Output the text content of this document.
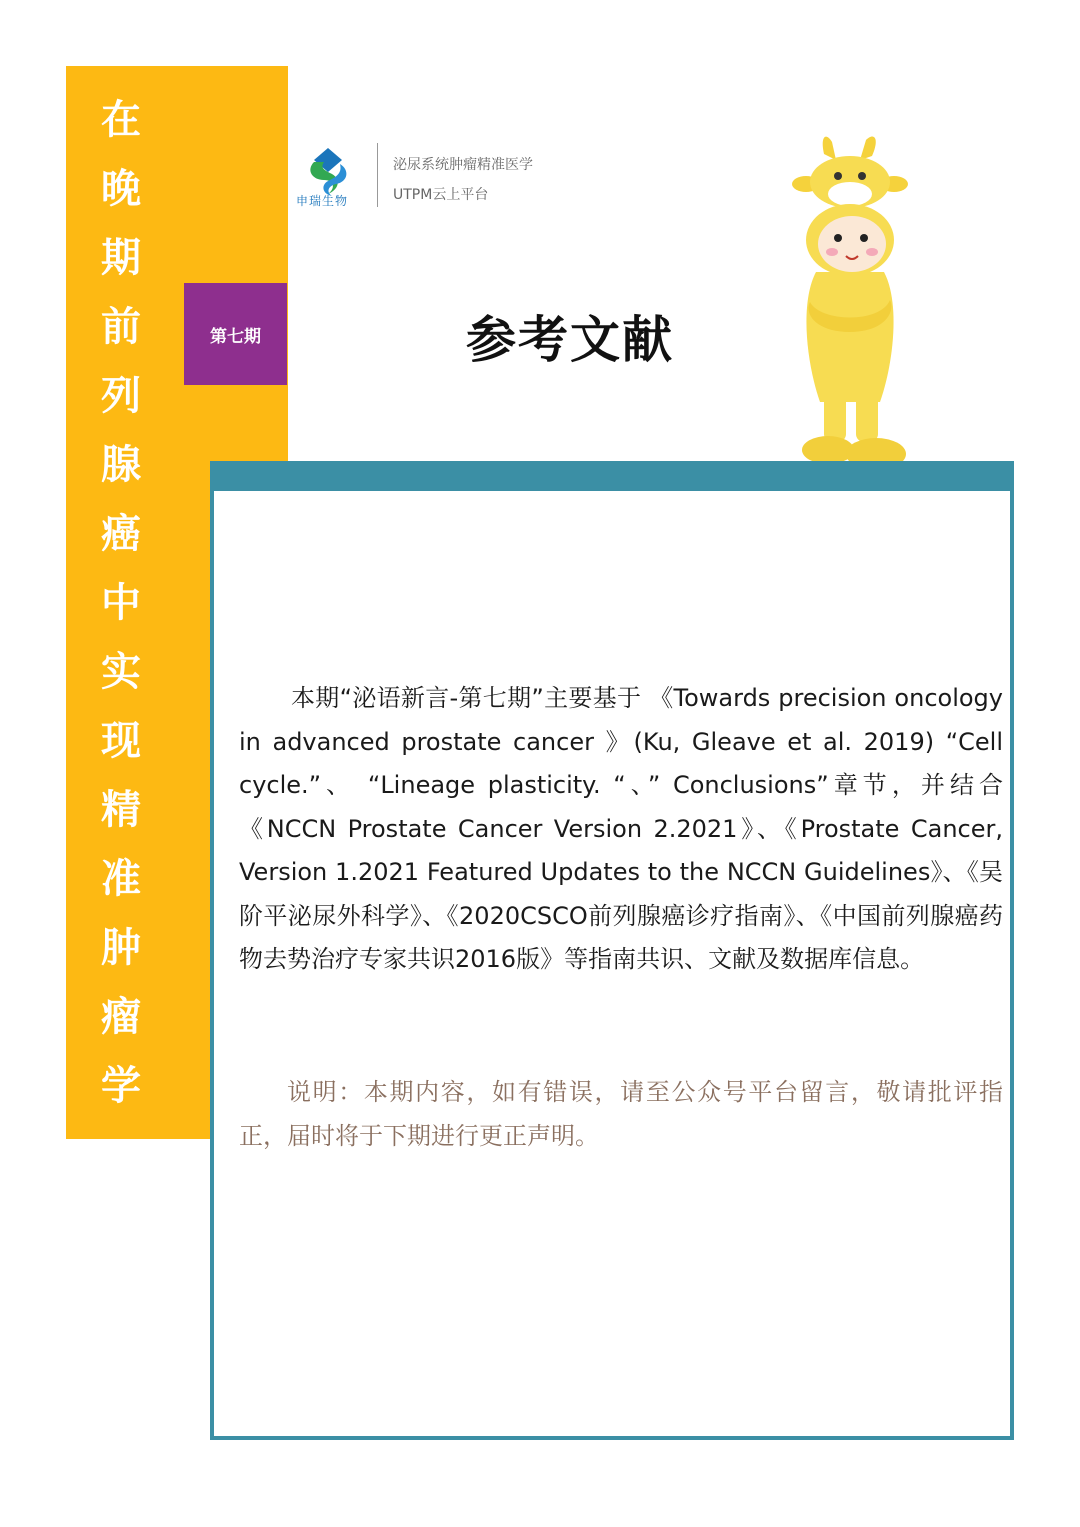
在
晚
期
前
列
腺
癌
中
实
现
精
准
肿
瘤
学
第七期
申瑞生物
泌尿系统肿瘤精准医学
UTPM云上平台
参考文献

本期“泌语新言-第七期”主要基于 《Towards precision oncology in advanced prostate cancer 》(Ku, Gleave et al. 2019) “Cell cycle.”、 “Lineage plasticity. “、” Conclusions”章节，并结合《NCCN Prostate Cancer Version 2.2021》、《Prostate Cancer, Version 1.2021 Featured Updates to the NCCN Guidelines》、《吴阶平泌尿外科学》、《2020CSCO前列腺癌诊疗指南》、《中国前列腺癌药物去势治疗专家共识2016版》等指南共识、文献及数据库信息。

说明：本期内容，如有错误，请至公众号平台留言，敬请批评指正，届时将于下期进行更正声明。
